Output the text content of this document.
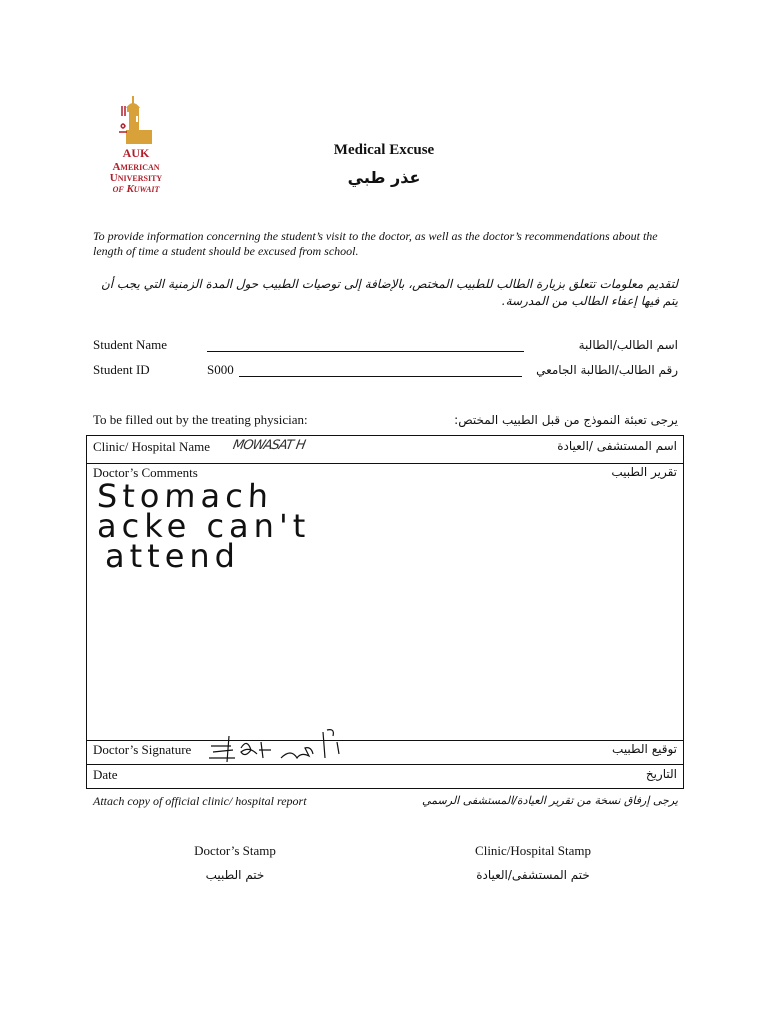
AUK
American
University
of Kuwait
Medical Excuse
عذر طبي
To provide information concerning the student’s visit to the doctor, as well as the doctor’s recommendations about the length of time a student should be excused from school.
لتقديم معلومات تتعلق بزيارة الطالب للطبيب المختص، بالإضافة إلى توصيات الطبيب حول المدة الزمنية التي يجب أن يتم فيها إعفاء الطالب من المدرسة.
Student Name	اسم الطالب/الطالبة
Student ID	S000	رقم الطالب/الطالبة الجامعي
To be filled out by the treating physician:	يرجى تعبئة النموذج من قبل الطبيب المختص:
Clinic/ Hospital Name MOWASAT H	اسم المستشفى /العيادة
Doctor’s Comments	تقرير الطبيب
Stomach
acke can't
attend
Doctor’s Signature	توقيع الطبيب
Date	التاريخ
Attach copy of official clinic/ hospital report	يرجى إرفاق نسخة من تقرير العيادة/المستشفى الرسمي
Doctor’s Stamp
ختم الطبيب
Clinic/Hospital Stamp
ختم المستشفى/العيادة
